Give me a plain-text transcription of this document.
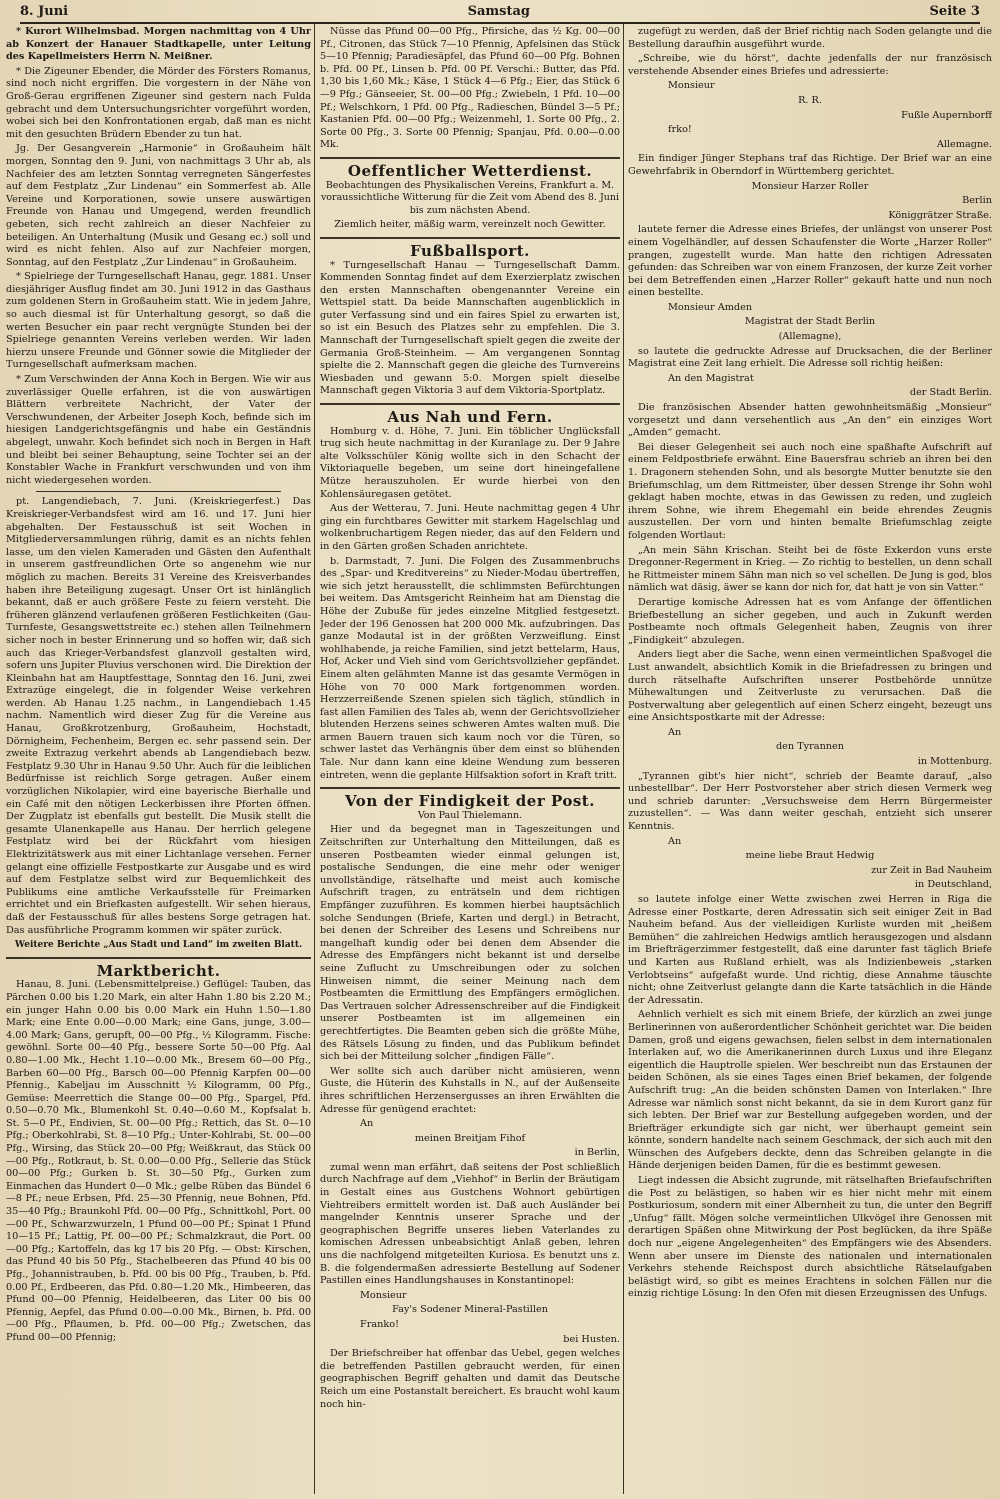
8. Juni	Samstag	Seite 3

* Kurort Wilhelmsbad. Morgen nachmittag von 4 Uhr ab Konzert der Hanauer Stadtkapelle, unter Leitung des Kapellmeisters Herrn N. Meißner.

* Die Zigeuner Ebender, die Mörder des Försters Romanus, sind noch nicht ergriffen. Die vorgestern in der Nähe von Groß-Gerau ergriffenen Zigeuner sind gestern nach Fulda gebracht und dem Untersuchungsrichter vorgeführt worden, wobei sich bei den Konfrontationen ergab, daß man es nicht mit den gesuchten Brüdern Ebender zu tun hat.

Jg. Der Gesangverein „Harmonie“ in Großauheim hält morgen, Sonntag den 9. Juni, von nachmittags 3 Uhr ab, als Nachfeier des am letzten Sonntag verregneten Sängerfestes auf dem Festplatz „Zur Lindenau“ ein Sommerfest ab. Alle Vereine und Korporationen, sowie unsere auswärtigen Freunde von Hanau und Umgegend, werden freundlich gebeten, sich recht zahlreich an dieser Nachfeier zu beteiligen. An Unterhaltung (Musik und Gesang ec.) soll und wird es nicht fehlen. Also auf zur Nachfeier morgen, Sonntag, auf den Festplatz „Zur Lindenau“ in Großauheim.

* Spielriege der Turngesellschaft Hanau, gegr. 1881. Unser diesjähriger Ausflug findet am 30. Juni 1912 in das Gasthaus zum goldenen Stern in Großauheim statt. Wie in jedem Jahre, so auch diesmal ist für Unterhaltung gesorgt, so daß die werten Besucher ein paar recht vergnügte Stunden bei der Spielriege genannten Vereins verleben werden. Wir laden hierzu unsere Freunde und Gönner sowie die Mitglieder der Turngesellschaft aufmerksam machen.

* Zum Verschwinden der Anna Koch in Bergen. Wie wir aus zuverlässiger Quelle erfahren, ist die von auswärtigen Blättern verbreitete Nachricht, der Vater der Verschwundenen, der Arbeiter Joseph Koch, befinde sich im hiesigen Landgerichtsgefängnis und habe ein Geständnis abgelegt, unwahr. Koch befindet sich noch in Bergen in Haft und bleibt bei seiner Behauptung, seine Tochter sei an der Konstabler Wache in Frankfurt verschwunden und von ihm nicht wiedergesehen worden.

pt. Langendiebach, 7. Juni. (Kreiskriegerfest.) Das Kreiskrieger-Verbandsfest wird am 16. und 17. Juni hier abgehalten. Der Festausschuß ist seit Wochen in Mitgliederversammlungen rührig, damit es an nichts fehlen lasse, um den vielen Kameraden und Gästen den Aufenthalt in unserem gastfreundlichen Orte so angenehm wie nur möglich zu machen. Bereits 31 Vereine des Kreisverbandes haben ihre Beteiligung zugesagt. Unser Ort ist hinlänglich bekannt, daß er auch größere Feste zu feiern versteht. Die früheren glänzend verlaufenen größeren Festlichkeiten (Gau-Turnfeste, Gesangswettstreite ec.) stehen allen Teilnehmern sicher noch in bester Erinnerung und so hoffen wir, daß sich auch das Krieger-Verbandsfest glanzvoll gestalten wird, sofern uns Jupiter Pluvius verschonen wird. Die Direktion der Kleinbahn hat am Hauptfesttage, Sonntag den 16. Juni, zwei Extrazüge eingelegt, die in folgender Weise verkehren werden. Ab Hanau 1.25 nachm., in Langendiebach 1.45 nachm. Namentlich wird dieser Zug für die Vereine aus Hanau, Großkrotzenburg, Großauheim, Hochstadt, Dörnigheim, Fechenheim, Bergen ec. sehr passend sein. Der zweite Extrazug verkehrt abends ab Langendiebach bezw. Festplatz 9.30 Uhr in Hanau 9.50 Uhr. Auch für die leiblichen Bedürfnisse ist reichlich Sorge getragen. Außer einem vorzüglichen Nikolapier, wird eine bayerische Bierhalle und ein Café mit den nötigen Leckerbissen ihre Pforten öffnen. Der Zugplatz ist ebenfalls gut bestellt. Die Musik stellt die gesamte Ulanenkapelle aus Hanau. Der herrlich gelegene Festplatz wird bei der Rückfahrt vom hiesigen Elektrizitätswerk aus mit einer Lichtanlage versehen. Ferner gelangt eine offizielle Festpostkarte zur Ausgabe und es wird auf dem Festplatze selbst wird zur Bequemlichkeit des Publikums eine amtliche Verkaufsstelle für Freimarken errichtet und ein Briefkasten aufgestellt. Wir sehen hieraus, daß der Festausschuß für alles bestens Sorge getragen hat. Das ausführliche Programm kommen wir später zurück.

Weitere Berichte „Aus Stadt und Land“ im zweiten Blatt.

Marktbericht.

Hanau, 8. Juni. (Lebensmittelpreise.) Geflügel: Tauben, das Pärchen 0.00 bis 1.20 Mark, ein alter Hahn 1.80 bis 2.20 M.; ein junger Hahn 0.00 bis 0.00 Mark ein Huhn 1.50—1.80 Mark; eine Ente 0.00—0.00 Mark; eine Gans, junge, 3.00—4.00 Mark; Gans, gerupft, 00—00 Pfg., ½ Kilogramm. Fische: gewöhnl. Sorte 00—40 Pfg., bessere Sorte 50—00 Pfg. Aal 0.80—1.00 Mk., Hecht 1.10—0.00 Mk., Bresem 60—00 Pfg., Barben 60—00 Pfg., Barsch 00—00 Pfennig Karpfen 00—00 Pfennig., Kabeljau im Ausschnitt ½ Kilogramm, 00 Pfg., Gemüse: Meerrettich die Stange 00—00 Pfg., Spargel, Pfd. 0.50—0.70 Mk., Blumenkohl St. 0.40—0.60 M., Kopfsalat b. St. 5—0 Pf., Endivien, St. 00—00 Pfg.; Rettich, das St. 0—10 Pfg.; Oberkohlrabi, St. 8—10 Pfg.; Unter-Kohlrabi, St. 00—00 Pfg., Wirsing, das Stück 20—00 Pfg; Weißkraut, das Stück 00—00 Pfg., Rotkraut, b. St. 0.00—0.00 Pfg., Sellerie das Stück 00—00 Pfg.; Gurken b. St. 30—50 Pfg., Gurken zum Einmachen das Hundert 0—0 Mk.; gelbe Rüben das Bündel 6—8 Pf.; neue Erbsen, Pfd. 25—30 Pfennig, neue Bohnen, Pfd. 35—40 Pfg.; Braunkohl Pfd. 00—00 Pfg., Schnittkohl, Port. 00—00 Pf., Schwarzwurzeln, 1 Pfund 00—00 Pf.; Spinat 1 Pfund 10—15 Pf.; Lattig, Pf. 00—00 Pf.; Schmalzkraut, die Port. 00—00 Pfg.; Kartoffeln, das kg 17 bis 20 Pfg. — Obst: Kirschen, das Pfund 40 bis 50 Pfg., Stachelbeeren das Pfund 40 bis 00 Pfg., Johannistrauben, b. Pfd. 00 bis 00 Pfg., Trauben, b. Pfd. 0.00 Pf., Erdbeeren, das Pfd. 0.80—1.20 Mk., Himbeeren, das Pfund 00—00 Pfennig, Heidelbeeren, das Liter 00 bis 00 Pfennig, Aepfel, das Pfund 0.00—0.00 Mk., Birnen, b. Pfd. 00—00 Pfg., Pflaumen, b. Pfd. 00—00 Pfg.; Zwetschen, das Pfund 00—00 Pfennig;

Nüsse das Pfund 00—00 Pfg., Pfirsiche, das ½ Kg. 00—00 Pf., Citronen, das Stück 7—10 Pfennig, Apfelsinen das Stück 5—10 Pfennig; Paradiesäpfel, das Pfund 60—00 Pfg. Bohnen b. Pfd. 00 Pf., Linsen b. Pfd. 00 Pf. Verschi.: Butter, das Pfd. 1,30 bis 1,60 Mk.; Käse, 1 Stück 4—6 Pfg.; Eier, das Stück 6—9 Pfg.; Gänseeier, St. 00—00 Pfg.; Zwiebeln, 1 Pfd. 10—00 Pf.; Welschkorn, 1 Pfd. 00 Pfg., Radieschen, Bündel 3—5 Pf.; Kastanien Pfd. 00—00 Pfg.; Weizenmehl, 1. Sorte 00 Pfg., 2. Sorte 00 Pfg., 3. Sorte 00 Pfennig; Spanjau, Pfd. 0.00—0.00 Mk.

Oeffentlicher Wetterdienst.

Beobachtungen des Physikalischen Vereins, Frankfurt a. M. voraussichtliche Witterung für die Zeit vom Abend des 8. Juni bis zum nächsten Abend.

Ziemlich heiter, mäßig warm, vereinzelt noch Gewitter.

Fußballsport.

* Turngesellschaft Hanau — Turngesellschaft Damm. Kommenden Sonntag findet auf dem Exerzierplatz zwischen den ersten Mannschaften obengenannter Vereine ein Wettspiel statt. Da beide Mannschaften augenblicklich in guter Verfassung sind und ein faires Spiel zu erwarten ist, so ist ein Besuch des Platzes sehr zu empfehlen. Die 3. Mannschaft der Turngesellschaft spielt gegen die zweite der Germania Groß-Steinheim. — Am vergangenen Sonntag spielte die 2. Mannschaft gegen die gleiche des Turnvereins Wiesbaden und gewann 5:0. Morgen spielt dieselbe Mannschaft gegen Viktoria 3 auf dem Viktoria-Sportplatz.

Aus Nah und Fern.

Homburg v. d. Höhe, 7. Juni. Ein töblicher Unglücksfall trug sich heute nachmittag in der Kuranlage zu. Der 9 Jahre alte Volksschüler König wollte sich in den Schacht der Viktoriaquelle begeben, um seine dort hineingefallene Mütze herauszuholen. Er wurde hierbei von den Kohlensäuregasen getötet.

Aus der Wetterau, 7. Juni. Heute nachmittag gegen 4 Uhr ging ein furchtbares Gewitter mit starkem Hagelschlag und wolkenbruchartigem Regen nieder, das auf den Feldern und in den Gärten großen Schaden anrichtete.

b. Darmstadt, 7. Juni. Die Folgen des Zusammenbruchs des „Spar- und Kreditvereins“ zu Nieder-Modau übertreffen, wie sich jetzt herausstellt, die schlimmsten Befürchtungen bei weitem. Das Amtsgericht Reinheim hat am Dienstag die Höhe der Zubuße für jedes einzelne Mitglied festgesetzt. Jeder der 196 Genossen hat 200 000 Mk. aufzubringen. Das ganze Modautal ist in der größten Verzweiflung. Einst wohlhabende, ja reiche Familien, sind jetzt bettelarm, Haus, Hof, Acker und Vieh sind vom Gerichtsvollzieher gepfändet. Einem alten gelähmten Manne ist das gesamte Vermögen in Höhe von 70 000 Mark fortgenommen worden. Herzzerreißende Szenen spielen sich täglich, stündlich in fast allen Familien des Tales ab, wenn der Gerichtsvollzieher blutenden Herzens seines schweren Amtes walten muß. Die armen Bauern trauen sich kaum noch vor die Türen, so schwer lastet das Verhängnis über dem einst so blühenden Tale. Nur dann kann eine kleine Wendung zum besseren eintreten, wenn die geplante Hilfsaktion sofort in Kraft tritt.

Von der Findigkeit der Post.

Von Paul Thielemann.

Hier und da begegnet man in Tageszeitungen und Zeitschriften zur Unterhaltung den Mitteilungen, daß es unseren Postbeamten wieder einmal gelungen ist, postalische Sendungen, die eine mehr oder weniger unvollständige, rätselhafte und meist auch komische Aufschrift tragen, zu enträtseln und dem richtigen Empfänger zuzuführen. Es kommen hierbei hauptsächlich solche Sendungen (Briefe, Karten und dergl.) in Betracht, bei denen der Schreiber des Lesens und Schreibens nur mangelhaft kundig oder bei denen dem Absender die Adresse des Empfängers nicht bekannt ist und derselbe seine Zuflucht zu Umschreibungen oder zu solchen Hinweisen nimmt, die seiner Meinung nach dem Postbeamten die Ermittlung des Empfängers ermöglichen. Das Vertrauen solcher Adressenschreiber auf die Findigkeit unserer Postbeamten ist im allgemeinen ein gerechtfertigtes. Die Beamten geben sich die größte Mühe, des Rätsels Lösung zu finden, und das Publikum befindet sich bei der Mitteilung solcher „findigen Fälle“.

Wer sollte sich auch darüber nicht amüsieren, wenn Guste, die Hüterin des Kuhstalls in N., auf der Außenseite ihres schriftlichen Herzensergusses an ihren Erwählten die Adresse für genügend erachtet:

An

meinen Breitjam Fihof

in Berlin,

zumal wenn man erfährt, daß seitens der Post schließlich durch Nachfrage auf dem „Viehhof“ in Berlin der Bräutigam in Gestalt eines aus Gustchens Wohnort gebürtigen Viehtreibers ermittelt worden ist. Daß auch Ausländer bei mangelnder Kenntnis unserer Sprache und der geographischen Begriffe unseres lieben Vaterlandes zu komischen Adressen unbeabsichtigt Anlaß geben, lehren uns die nachfolgend mitgeteilten Kuriosa. Es benutzt uns z. B. die folgendermaßen adressierte Bestellung auf Sodener Pastillen eines Handlungshauses in Konstantinopel:

Monsieur

Fay's Sodener Mineral-Pastillen

Franko!

bei Husten.

Der Briefschreiber hat offenbar das Uebel, gegen welches die betreffenden Pastillen gebraucht werden, für einen geographischen Begriff gehalten und damit das Deutsche Reich um eine Postanstalt bereichert. Es braucht wohl kaum noch hin-

zugefügt zu werden, daß der Brief richtig nach Soden gelangte und die Bestellung daraufhin ausgeführt wurde.

„Schreibe, wie du hörst“, dachte jedenfalls der nur französisch verstehende Absender eines Briefes und adressierte:

Monsieur

R. R.

Fußle Aupernborff

frko!

Allemagne.

Ein findiger Jünger Stephans traf das Richtige. Der Brief war an eine Gewehrfabrik in Oberndorf in Württemberg gerichtet.

Monsieur Harzer Roller

Berlin

Königgrätzer Straße.

lautete ferner die Adresse eines Briefes, der unlängst von unserer Post einem Vogelhändler, auf dessen Schaufenster die Worte „Harzer Roller“ prangen, zugestellt wurde. Man hatte den richtigen Adressaten gefunden: das Schreiben war von einem Franzosen, der kurze Zeit vorher bei dem Betreffenden einen „Harzer Roller“ gekauft hatte und nun noch einen bestellte.

Monsieur Amden

Magistrat der Stadt Berlin

(Allemagne),

so lautete die gedruckte Adresse auf Drucksachen, die der Berliner Magistrat eine Zeit lang erhielt. Die Adresse soll richtig heißen:

An den Magistrat

der Stadt Berlin.

Die französischen Absender hatten gewohnheitsmäßig „Monsieur“ vorgesetzt und dann versehentlich aus „An den“ ein einziges Wort „Amden“ gemacht.

Bei dieser Gelegenheit sei auch noch eine spaßhafte Aufschrift auf einem Feldpostbriefe erwähnt. Eine Bauersfrau schrieb an ihren bei den 1. Dragonern stehenden Sohn, und als besorgte Mutter benutzte sie den Briefumschlag, um dem Rittmeister, über dessen Strenge ihr Sohn wohl geklagt haben mochte, etwas in das Gewissen zu reden, und zugleich ihrem Sohne, wie ihrem Ehegemahl ein beide ehrendes Zeugnis auszustellen. Der vorn und hinten bemalte Briefumschlag zeigte folgenden Wortlaut:

„An mein Sähn Krischan. Steiht bei de föste Exkerdon vuns erste Dregonner-Regerment in Krieg. — Zo richtig to bestellen, un denn schall he Rittmeister minem Sähn man nich so vel schellen. De Jung is god, blos nämlich wat däsig, äwer se kann dor nich for, dat hatt je von sin Vatter.“

Derartige komische Adressen hat es vom Anfange der öffentlichen Briefbestellung an sicher gegeben, und auch in Zukunft werden Postbeamte noch oftmals Gelegenheit haben, Zeugnis von ihrer „Findigkeit“ abzulegen.

Anders liegt aber die Sache, wenn einen vermeintlichen Spaßvogel die Lust anwandelt, absichtlich Komik in die Briefadressen zu bringen und durch rätselhafte Aufschriften unserer Postbehörde unnütze Mühewaltungen und Zeitverluste zu verursachen. Daß die Postverwaltung aber gelegentlich auf einen Scherz eingeht, bezeugt uns eine Ansichtspostkarte mit der Adresse:

An

den Tyrannen

in Mottenburg.

„Tyrannen gibt's hier nicht“, schrieb der Beamte darauf, „also unbestellbar“. Der Herr Postvorsteher aber strich diesen Vermerk weg und schrieb darunter: „Versuchsweise dem Herrn Bürgermeister zuzustellen“. — Was dann weiter geschah, entzieht sich unserer Kenntnis.

An

meine liebe Braut Hedwig

zur Zeit in Bad Nauheim

in Deutschland,

so lautete infolge einer Wette zwischen zwei Herren in Riga die Adresse einer Postkarte, deren Adressatin sich seit einiger Zeit in Bad Nauheim befand. Aus der vielleidigen Kurliste wurden mit „heißem Bemühen“ die zahlreichen Hedwigs amtlich herausgezogen und alsdann im Briefträgerzimmer festgestellt, daß eine darunter fast täglich Briefe und Karten aus Rußland erhielt, was als Indizienbeweis „starken Verlobtseins“ aufgefaßt wurde. Und richtig, diese Annahme täuschte nicht; ohne Zeitverlust gelangte dann die Karte tatsächlich in die Hände der Adressatin.

Aehnlich verhielt es sich mit einem Briefe, der kürzlich an zwei junge Berlinerinnen von außerordentlicher Schönheit gerichtet war. Die beiden Damen, groß und eigens gewachsen, fielen selbst in dem internationalen Interlaken auf, wo die Amerikanerinnen durch Luxus und ihre Eleganz eigentlich die Hauptrolle spielen. Wer beschreibt nun das Erstaunen der beiden Schönen, als sie eines Tages einen Brief bekamen, der folgende Aufschrift trug: „An die beiden schönsten Damen von Interlaken.“ Ihre Adresse war nämlich sonst nicht bekannt, da sie in dem Kurort ganz für sich lebten. Der Brief war zur Bestellung aufgegeben worden, und der Briefträger erkundigte sich gar nicht, wer überhaupt gemeint sein könnte, sondern handelte nach seinem Geschmack, der sich auch mit den Wünschen des Aufgebers deckte, denn das Schreiben gelangte in die Hände derjenigen beiden Damen, für die es bestimmt gewesen.

Liegt indessen die Absicht zugrunde, mit rätselhaften Briefaufschriften die Post zu belästigen, so haben wir es hier nicht mehr mit einem Postkuriosum, sondern mit einer Albernheit zu tun, die unter den Begriff „Unfug“ fällt. Mögen solche vermeintlichen Ulkvögel ihre Genossen mit derartigen Späßen ohne Mitwirkung der Post beglücken, da ihre Späße doch nur „eigene Angelegenheiten“ des Empfängers wie des Absenders. Wenn aber unsere im Dienste des nationalen und internationalen Verkehrs stehende Reichspost durch absichtliche Rätselaufgaben belästigt wird, so gibt es meines Erachtens in solchen Fällen nur die einzig richtige Lösung: In den Ofen mit diesen Erzeugnissen des Unfugs.
